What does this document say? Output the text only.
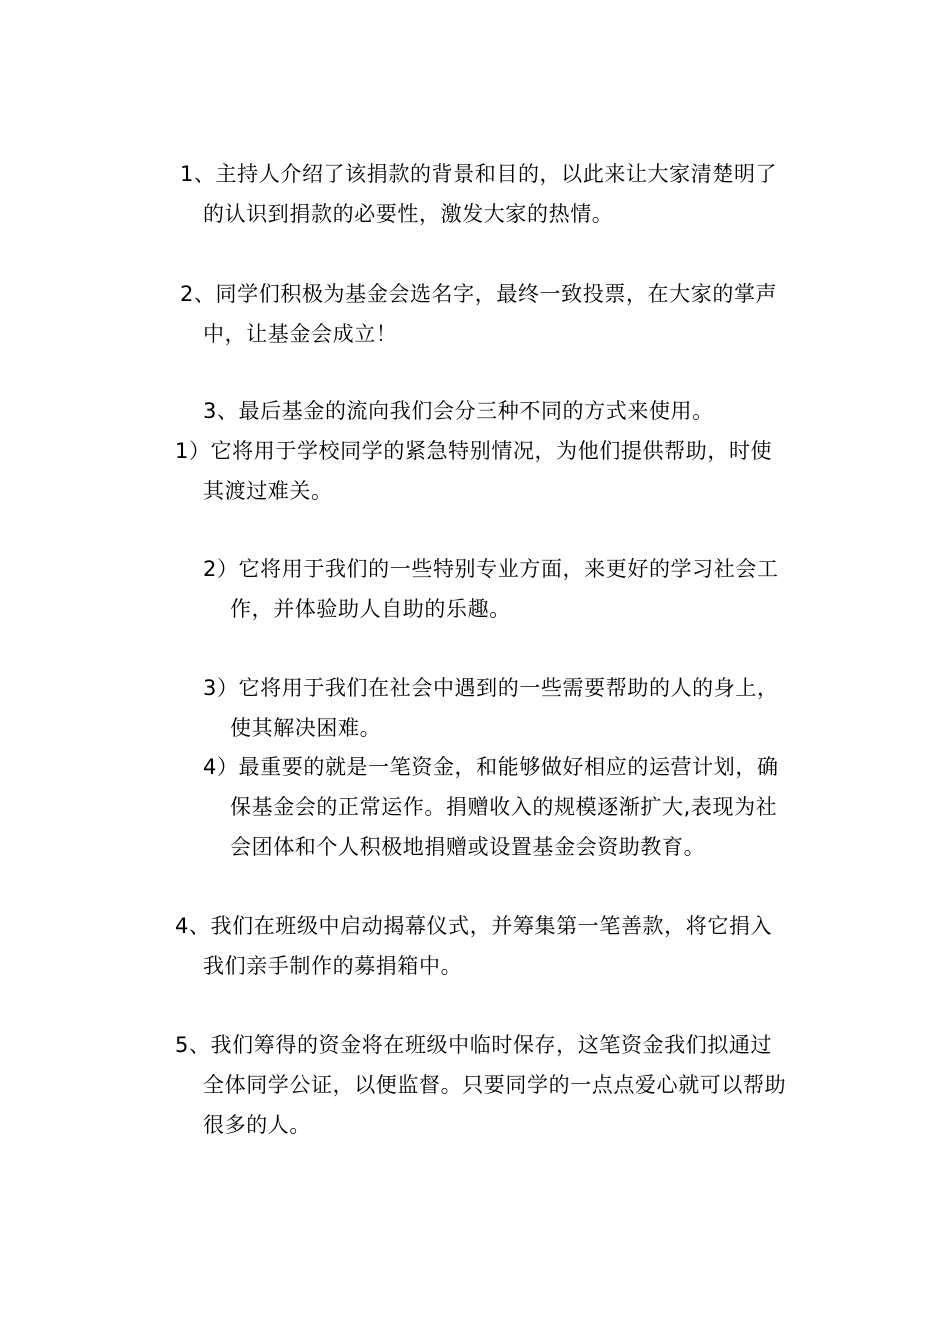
1、主持人介绍了该捐款的背景和目的，以此来让大家清楚明了

的认识到捐款的必要性，激发大家的热情。

2、同学们积极为基金会选名字，最终一致投票，在大家的掌声

中，让基金会成立！

3、最后基金的流向我们会分三种不同的方式来使用。

1）它将用于学校同学的紧急特别情况，为他们提供帮助，时使

其渡过难关。

2）它将用于我们的一些特别专业方面，来更好的学习社会工

作，并体验助人自助的乐趣。

3）它将用于我们在社会中遇到的一些需要帮助的人的身上，

使其解决困难。

4）最重要的就是一笔资金，和能够做好相应的运营计划，确

保基金会的正常运作。捐赠收入的规模逐渐扩大,表现为社

会团体和个人积极地捐赠或设置基金会资助教育。

4、我们在班级中启动揭幕仪式，并筹集第一笔善款，将它捐入

我们亲手制作的募捐箱中。

5、我们筹得的资金将在班级中临时保存，这笔资金我们拟通过

全体同学公证，以便监督。只要同学的一点点爱心就可以帮助

很多的人。
